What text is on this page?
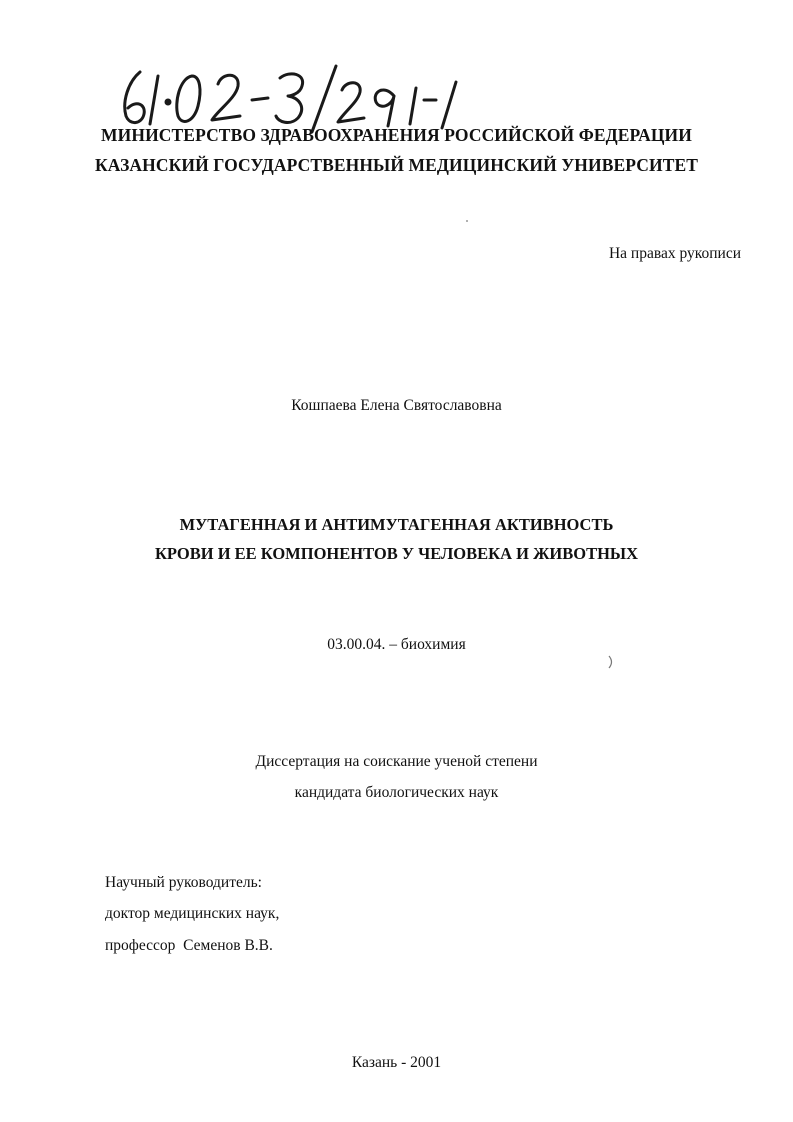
МИНИСТЕРСТВО ЗДРАВООХРАНЕНИЯ РОССИЙСКОЙ ФЕДЕРАЦИИ
КАЗАНСКИЙ ГОСУДАРСТВЕННЫЙ МЕДИЦИНСКИЙ УНИВЕРСИТЕТ
На правах рукописи
Кошпаева Елена Святославовна
МУТАГЕННАЯ И АНТИМУТАГЕННАЯ АКТИВНОСТЬ
КРОВИ И ЕЕ КОМПОНЕНТОВ У ЧЕЛОВЕКА И ЖИВОТНЫХ
03.00.04. – биохимия
Диссертация на соискание ученой степени
кандидата биологических наук
Научный руководитель:
доктор медицинских наук,
профессор  Семенов В.В.
Казань - 2001
